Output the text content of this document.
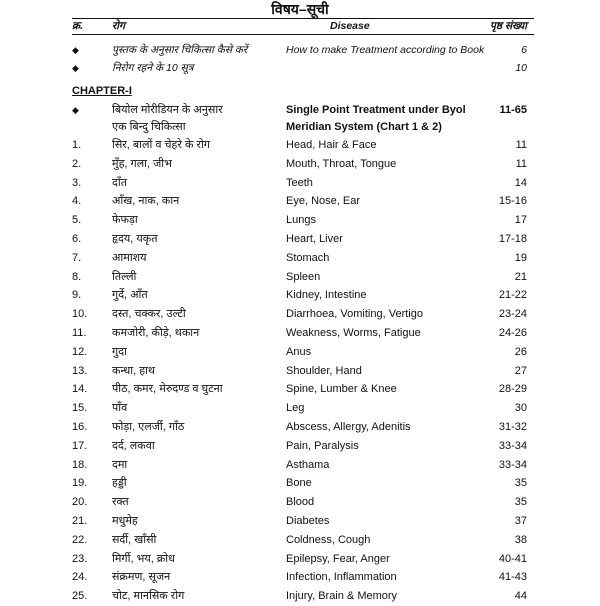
विषय–सूची
क्र.	रोग	Disease	पृष्ठ संख्या
◆	पुस्तक के अनुसार चिकित्सा कैसे करें	How to make Treatment according to Book	6
◆	निरोग रहने के 10 सूत्र	10
CHAPTER-I
◆	बियोल मोरीडियन के अनुसार
एक बिन्दु चिकित्सा
Single Point Treatment under Byol
Meridian System (Chart 1 & 2)
11-65
1.	सिर, बालों व चेहरे के रोग	Head, Hair & Face	11
2.	मुँह, गला, जीभ	Mouth, Throat, Tongue	11
3.	दाँत	Teeth	14
4.	आँख, नाक, कान	Eye, Nose, Ear	15-16
5.	फेफड़ा	Lungs	17
6.	हृदय, यकृत	Heart, Liver	17-18
7.	आमाशय	Stomach	19
8.	तिल्ली	Spleen	21
9.	गुर्दे, आँत	Kidney, Intestine	21-22
10. दस्त, चक्कर, उल्टी	Diarrhoea, Vomiting, Vertigo	23-24
11. कमजोरी, कीड़े, थकान	Weakness, Worms, Fatigue	24-26
12. गुदा	Anus	26
13. कन्धा, हाथ	Shoulder, Hand	27
14. पीठ, कमर, मेरुदण्ड व घुटना	Spine, Lumber & Knee	28-29
15. पाँव	Leg	30
16. फोड़ा, एलर्जी, गाँठ	Abscess, Allergy, Adenitis	31-32
17. दर्द, लकवा	Pain, Paralysis	33-34
18. दमा	Asthama	33-34
19. हड्डी	Bone	35
20. रक्त	Blood	35
21. मधुमेह	Diabetes	37
22. सर्दी, खाँसी	Coldness, Cough	38
23. मिर्गी, भय, क्रोध	Epilepsy, Fear, Anger	40-41
24. संक्रमण, सूजन	Infection, Inflammation	41-43
25. चोट, मानसिक रोग	Injury, Brain & Memory	44
